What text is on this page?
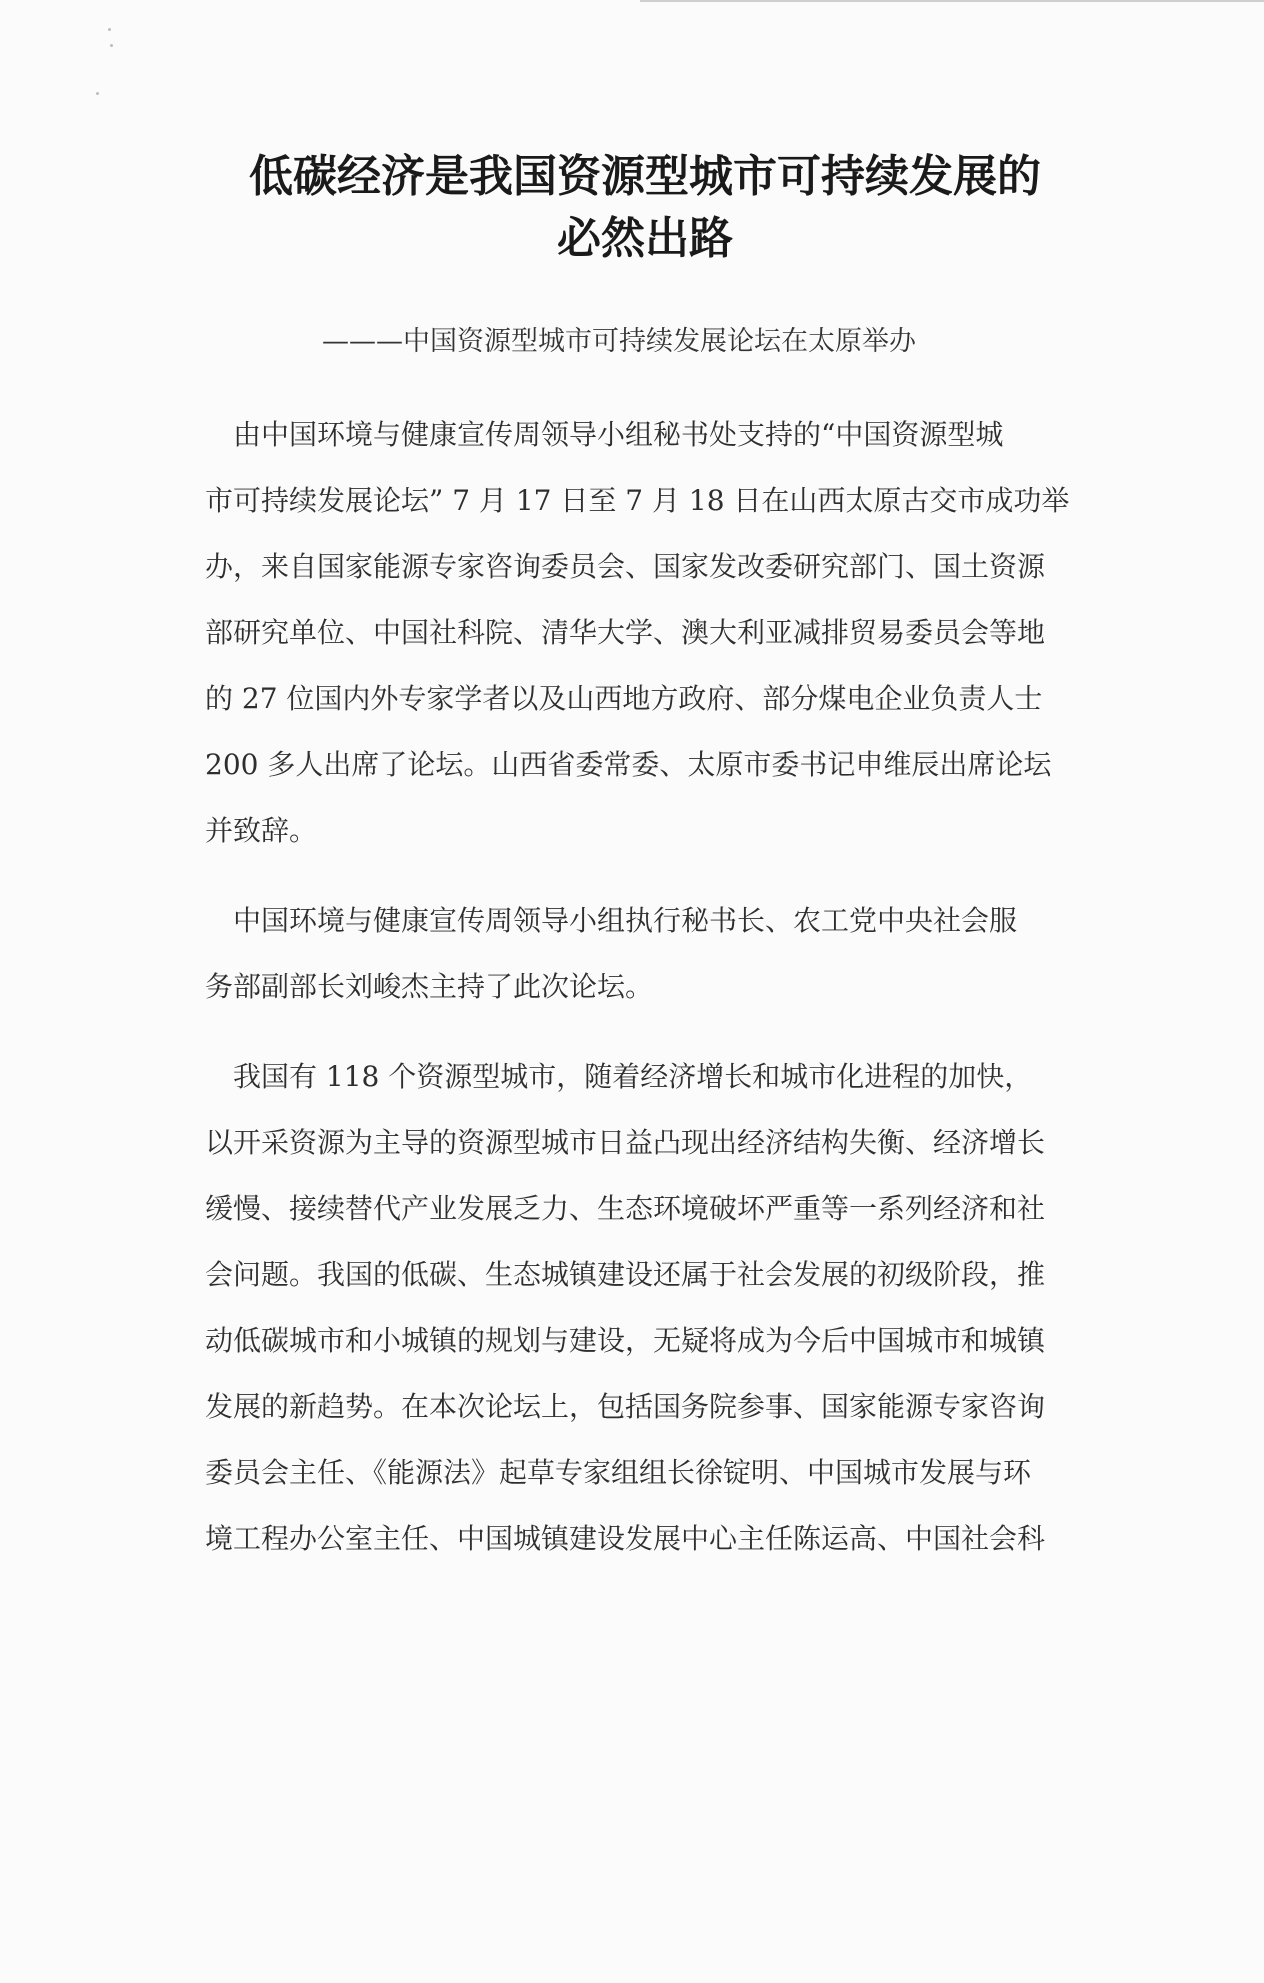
低碳经济是我国资源型城市可持续发展的
必然出路
———中国资源型城市可持续发展论坛在太原举办
　由中国环境与健康宣传周领导小组秘书处支持的“中国资源型城
市可持续发展论坛” 7 月 17 日至 7 月 18 日在山西太原古交市成功举
办，来自国家能源专家咨询委员会、国家发改委研究部门、国土资源
部研究单位、中国社科院、清华大学、澳大利亚减排贸易委员会等地
的 27 位国内外专家学者以及山西地方政府、部分煤电企业负责人士
200 多人出席了论坛。山西省委常委、太原市委书记申维辰出席论坛
并致辞。
　中国环境与健康宣传周领导小组执行秘书长、农工党中央社会服
务部副部长刘峻杰主持了此次论坛。
　我国有 118 个资源型城市，随着经济增长和城市化进程的加快，
以开采资源为主导的资源型城市日益凸现出经济结构失衡、经济增长
缓慢、接续替代产业发展乏力、生态环境破坏严重等一系列经济和社
会问题。我国的低碳、生态城镇建设还属于社会发展的初级阶段，推
动低碳城市和小城镇的规划与建设，无疑将成为今后中国城市和城镇
发展的新趋势。在本次论坛上，包括国务院参事、国家能源专家咨询
委员会主任、《能源法》起草专家组组长徐锭明、中国城市发展与环
境工程办公室主任、中国城镇建设发展中心主任陈运高、中国社会科
